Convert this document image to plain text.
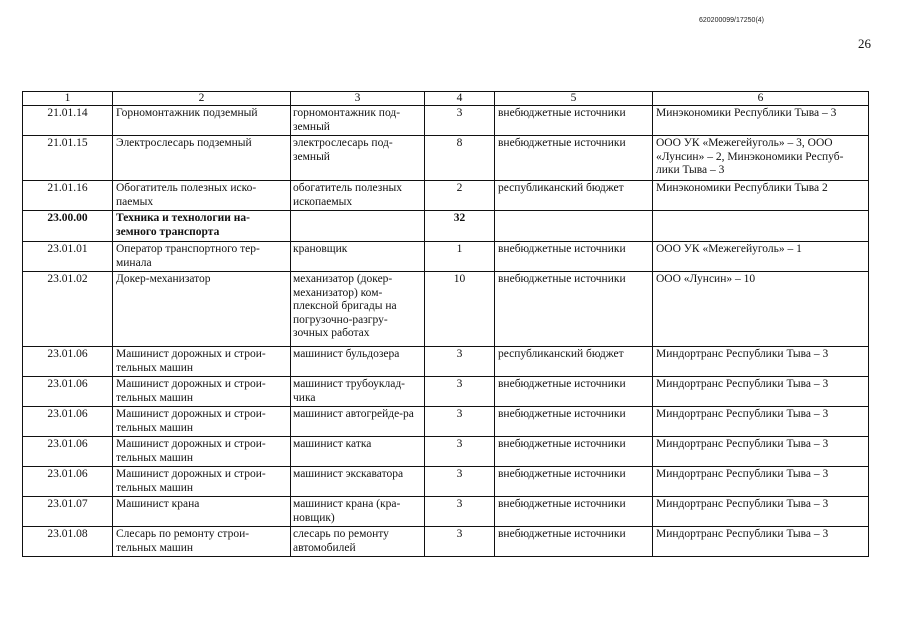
620200099/17250(4)
26
1	2	3	4	5	6
21.01.14	Горномонтажник подземный	горномонтажник под-земный	3	внебюджетные источники	Минэкономики Республики Тыва – 3
21.01.15	Электрослесарь подземный	электрослесарь под-земный	8	внебюджетные источники	ООО УК «Межегейуголь» – 3, ООО «Лунсин» – 2, Минэкономики Респуб-лики Тыва – 3
21.01.16	Обогатитель полезных иско-паемых	обогатитель полезных ископаемых	2	республиканский бюджет	Минэкономики Республики Тыва 2
23.00.00	Техника и технологии на-земного транспорта		32		
23.01.01	Оператор транспортного тер-минала	крановщик	1	внебюджетные источники	ООО УК «Межегейуголь» – 1
23.01.02	Докер-механизатор	механизатор (докер-механизатор) ком-плексной бригады на погрузочно-разгру-зочных работах	10	внебюджетные источники	ООО «Лунсин» – 10
23.01.06	Машинист дорожных и строи-тельных машин	машинист бульдозера	3	республиканский бюджет	Миндортранс Республики Тыва – 3
23.01.06	Машинист дорожных и строи-тельных машин	машинист трубоуклад-чика	3	внебюджетные источники	Миндортранс Республики Тыва – 3
23.01.06	Машинист дорожных и строи-тельных машин	машинист автогрейде-ра	3	внебюджетные источники	Миндортранс Республики Тыва – 3
23.01.06	Машинист дорожных и строи-тельных машин	машинист катка	3	внебюджетные источники	Миндортранс Республики Тыва – 3
23.01.06	Машинист дорожных и строи-тельных машин	машинист экскаватора	3	внебюджетные источники	Миндортранс Республики Тыва – 3
23.01.07	Машинист крана	машинист крана (кра-новщик)	3	внебюджетные источники	Миндортранс Республики Тыва – 3
23.01.08	Слесарь по ремонту строи-тельных машин	слесарь по ремонту автомобилей	3	внебюджетные источники	Миндортранс Республики Тыва – 3
